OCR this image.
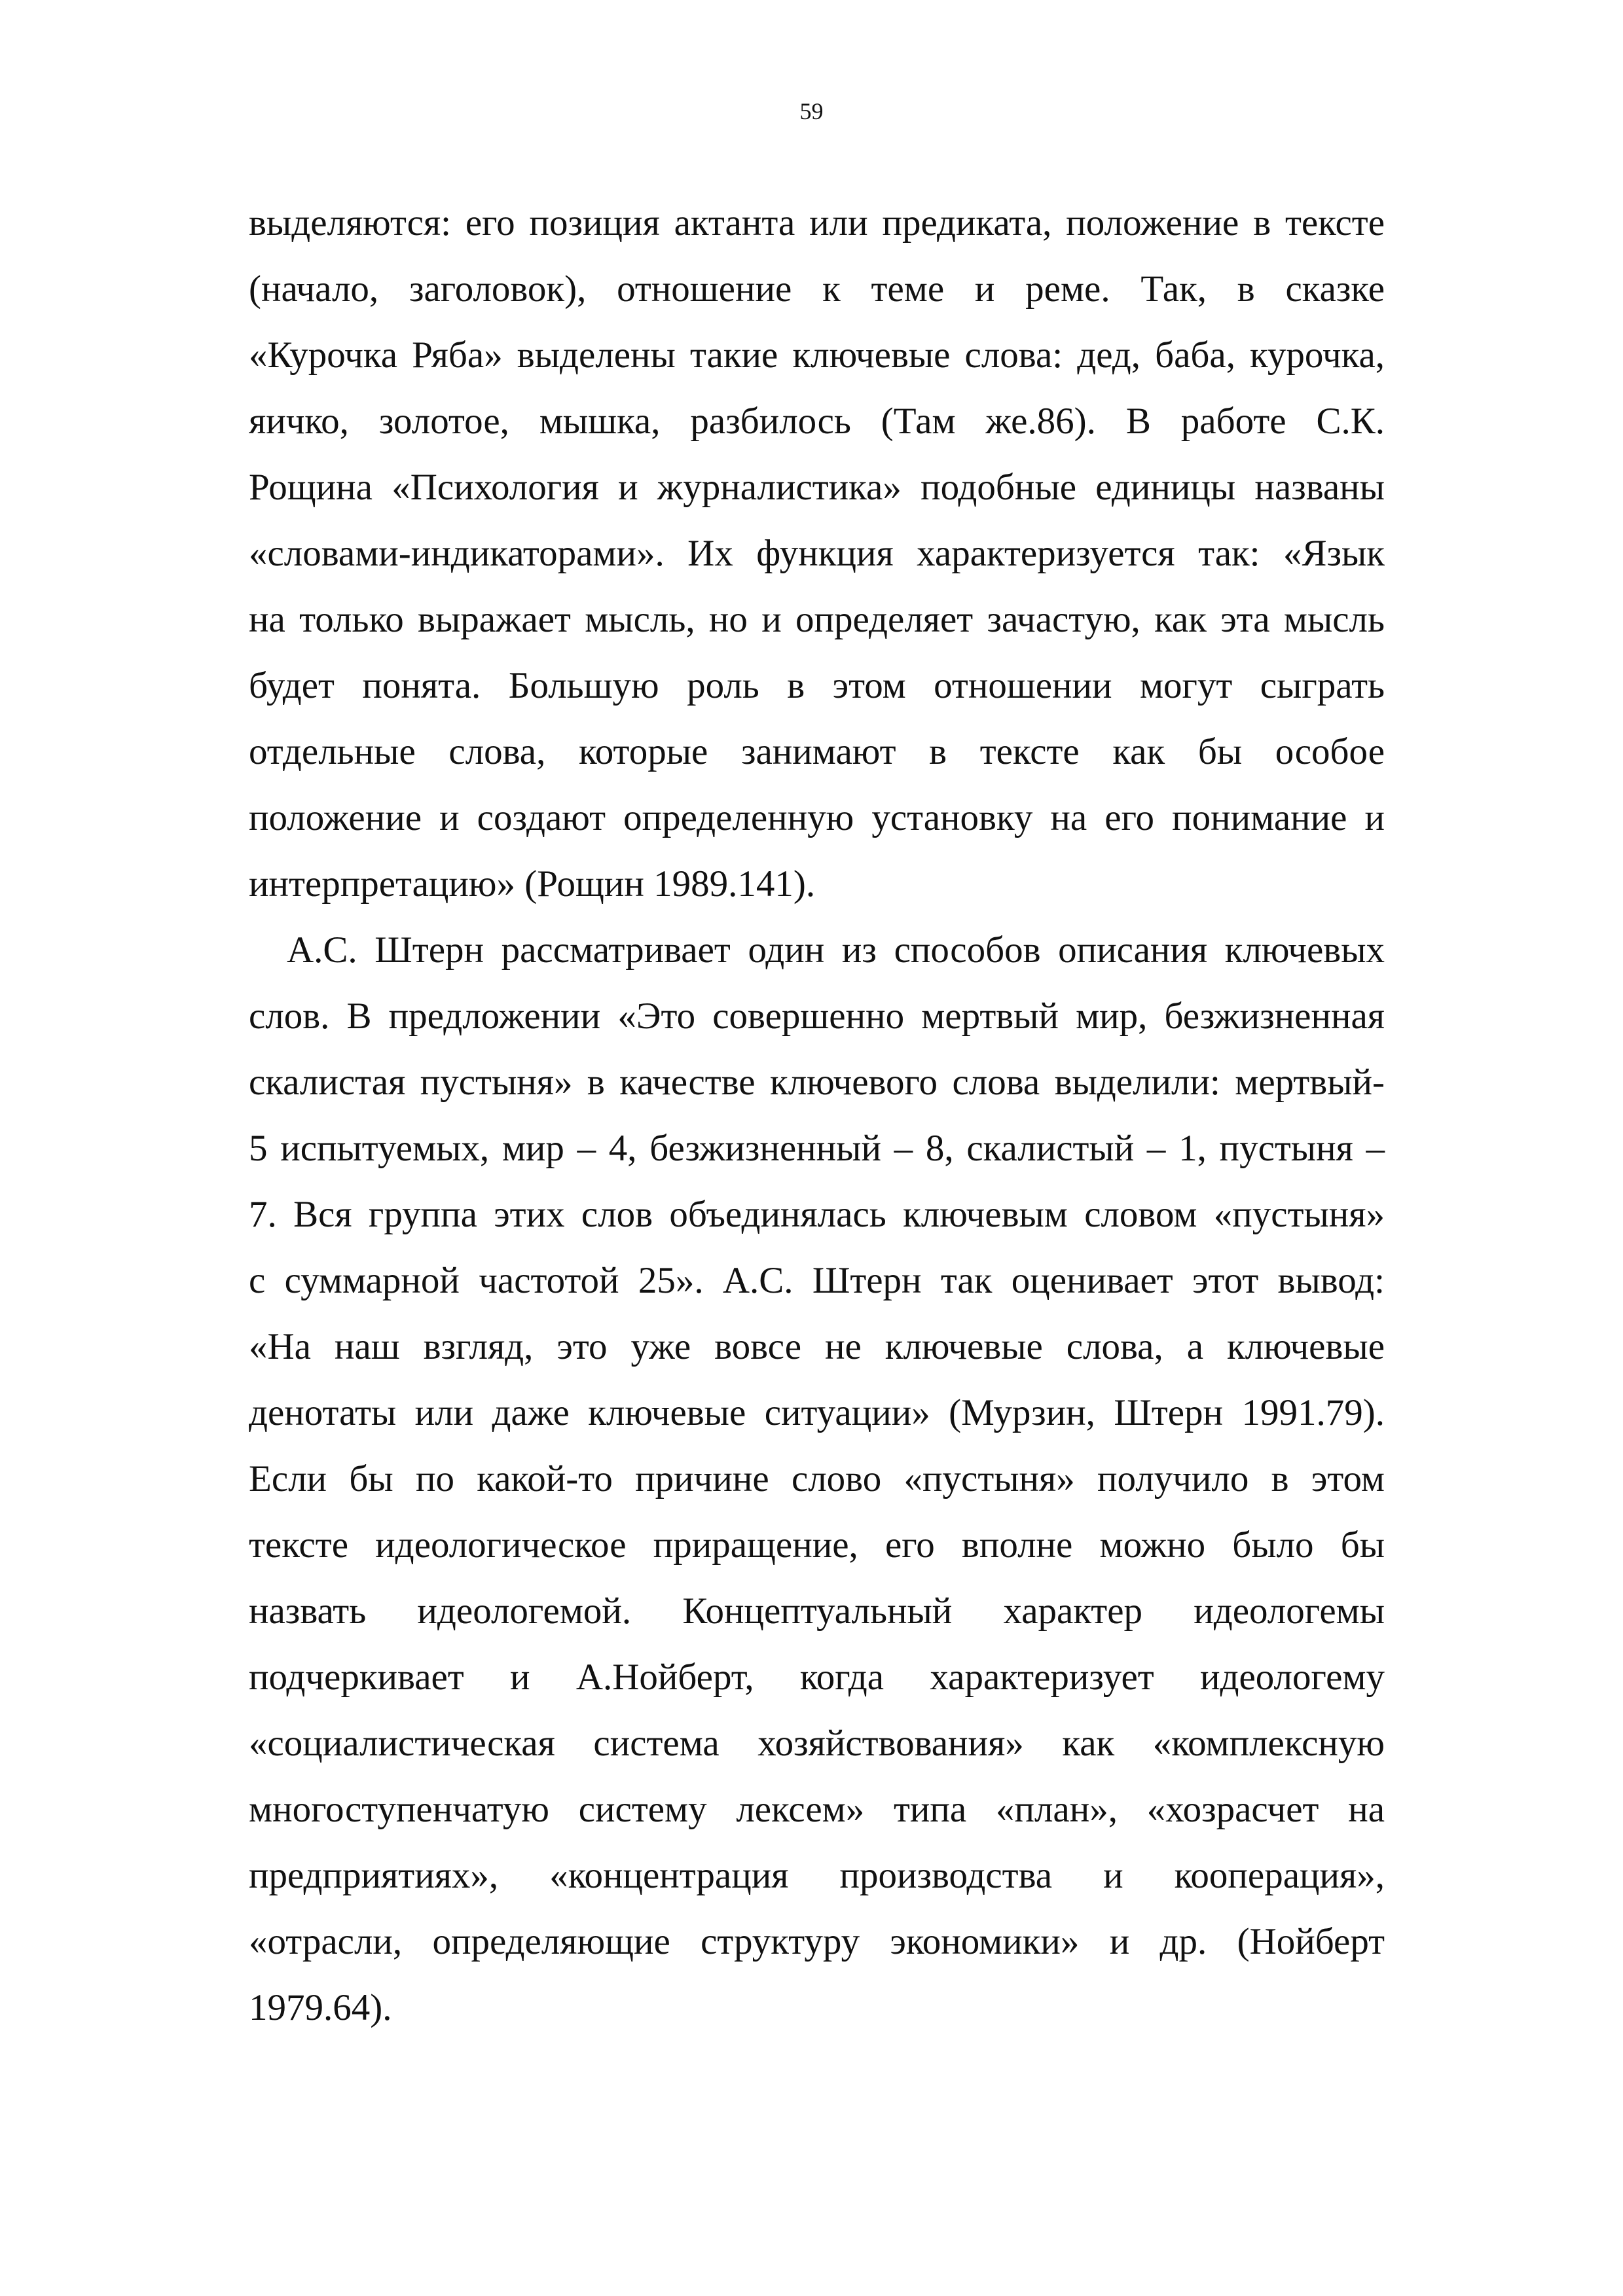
59
выделяются: его позиция актанта или предиката, положение в тексте
(начало, заголовок), отношение к теме и реме. Так, в сказке
«Курочка Ряба» выделены такие ключевые слова: дед, баба, курочка,
яичко, золотое, мышка, разбилось (Там же.86). В работе С.К.
Рощина «Психология и журналистика» подобные единицы названы
«словами-индикаторами». Их функция характеризуется так: «Язык
на только выражает мысль, но и определяет зачастую, как эта мысль
будет понята. Большую роль в этом отношении могут сыграть
отдельные слова, которые занимают в тексте как бы особое
положение и создают определенную установку на его понимание и
интерпретацию» (Рощин 1989.141).
А.С. Штерн рассматривает один из способов описания ключевых
слов. В предложении «Это совершенно мертвый мир, безжизненная
скалистая пустыня» в качестве ключевого слова выделили: мертвый-
5 испытуемых, мир – 4, безжизненный – 8, скалистый – 1, пустыня –
7. Вся группа этих слов объединялась ключевым словом «пустыня»
с суммарной частотой 25». А.С. Штерн так оценивает этот вывод:
«На наш взгляд, это уже вовсе не ключевые слова, а ключевые
денотаты или даже ключевые ситуации» (Мурзин, Штерн 1991.79).
Если бы по какой-то причине слово «пустыня» получило в этом
тексте идеологическое приращение, его вполне можно было бы
назвать идеологемой. Концептуальный характер идеологемы
подчеркивает и А.Нойберт, когда характеризует идеологему
«социалистическая система хозяйствования» как «комплексную
многоступенчатую систему лексем» типа «план», «хозрасчет на
предприятиях», «концентрация производства и кооперация»,
«отрасли, определяющие структуру экономики» и др. (Нойберт
1979.64).
